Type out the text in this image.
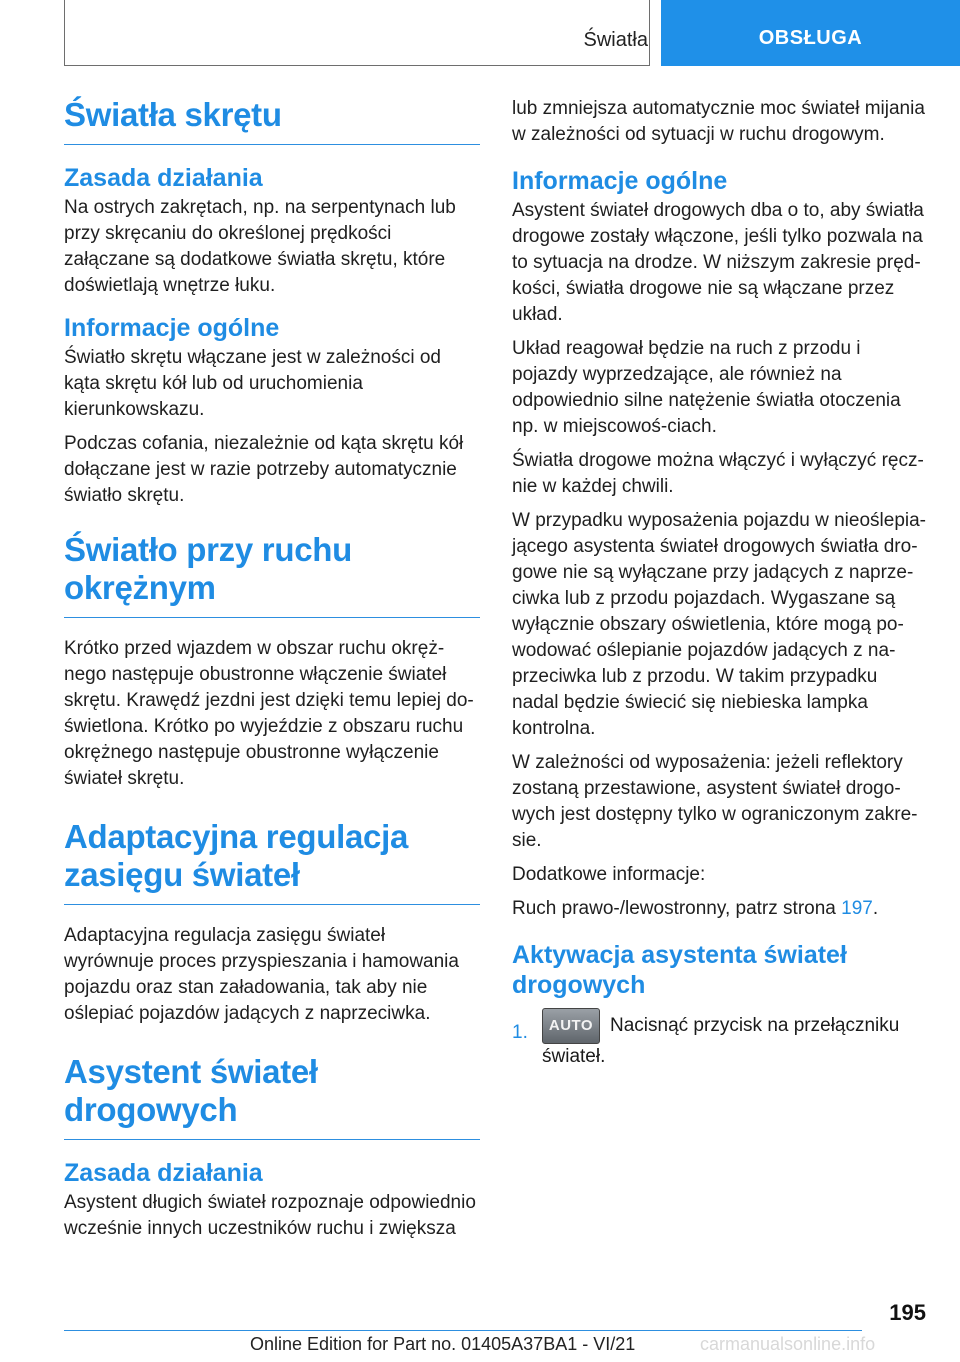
Światła	OBSŁUGA
Światła skrętu
Zasada działania

Na ostrych zakrętach, np. na serpentynach lub przy skręcaniu do określonej prędkości załączane są dodatkowe światła skrętu, które doświetlają wnętrze łuku.

Informacje ogólne

Światło skrętu włączane jest w zależności od kąta skrętu kół lub od uruchomienia kierunkowskazu.

Podczas cofania, niezależnie od kąta skrętu kół dołączane jest w razie potrzeby automatycznie światło skrętu.

Światło przy ruchu
okrężnym

Krótko przed wjazdem w obszar ruchu okręż-nego następuje obustronne włączenie świateł skrętu. Krawędź jezdni jest dzięki temu lepiej do-świetlona. Krótko po wyjeździe z obszaru ruchu okrężnego następuje obustronne wyłączenie świateł skrętu.

Adaptacyjna regulacja
zasięgu świateł

Adaptacyjna regulacja zasięgu świateł wyrównuje proces przyspieszania i hamowania pojazdu oraz stan załadowania, tak aby nie oślepiać pojazdów jadących z naprzeciwka.

Asystent świateł
drogowych
Zasada działania

Asystent długich świateł rozpoznaje odpowiednio wcześnie innych uczestników ruchu i zwiększa

lub zmniejsza automatycznie moc świateł mijania w zależności od sytuacji w ruchu drogowym.

Informacje ogólne

Asystent świateł drogowych dba o to, aby światła drogowe zostały włączone, jeśli tylko pozwala na to sytuacja na drodze. W niższym zakresie pręd-kości, światła drogowe nie są włączane przez układ.

Układ reagował będzie na ruch z przodu i pojazdy wyprzedzające, ale również na odpowiednio silne natężenie światła otoczenia np. w miejscowoś-ciach.

Światła drogowe można włączyć i wyłączyć ręcz-nie w każdej chwili.

W przypadku wyposażenia pojazdu w nieoślepia-jącego asystenta świateł drogowych światła dro-gowe nie są wyłączane przy jadących z naprze-ciwka lub z przodu pojazdach. Wygaszane są wyłącznie obszary oświetlenia, które mogą po-wodować oślepianie pojazdów jadących z na-przeciwka lub z przodu. W takim przypadku nadal będzie świecić się niebieska lampka kontrolna.

W zależności od wyposażenia: jeżeli reflektory zostaną przestawione, asystent świateł drogo-wych jest dostępny tylko w ograniczonym zakre-sie.

Dodatkowe informacje:

Ruch prawo-/lewostronny, patrz strona 197.

Aktywacja asystenta świateł
drogowych
1.	AUTO Nacisnąć przycisk na przełączniku świateł.
195
Online Edition for Part no. 01405A37BA1 - VI/21	carmanualsonline.info
